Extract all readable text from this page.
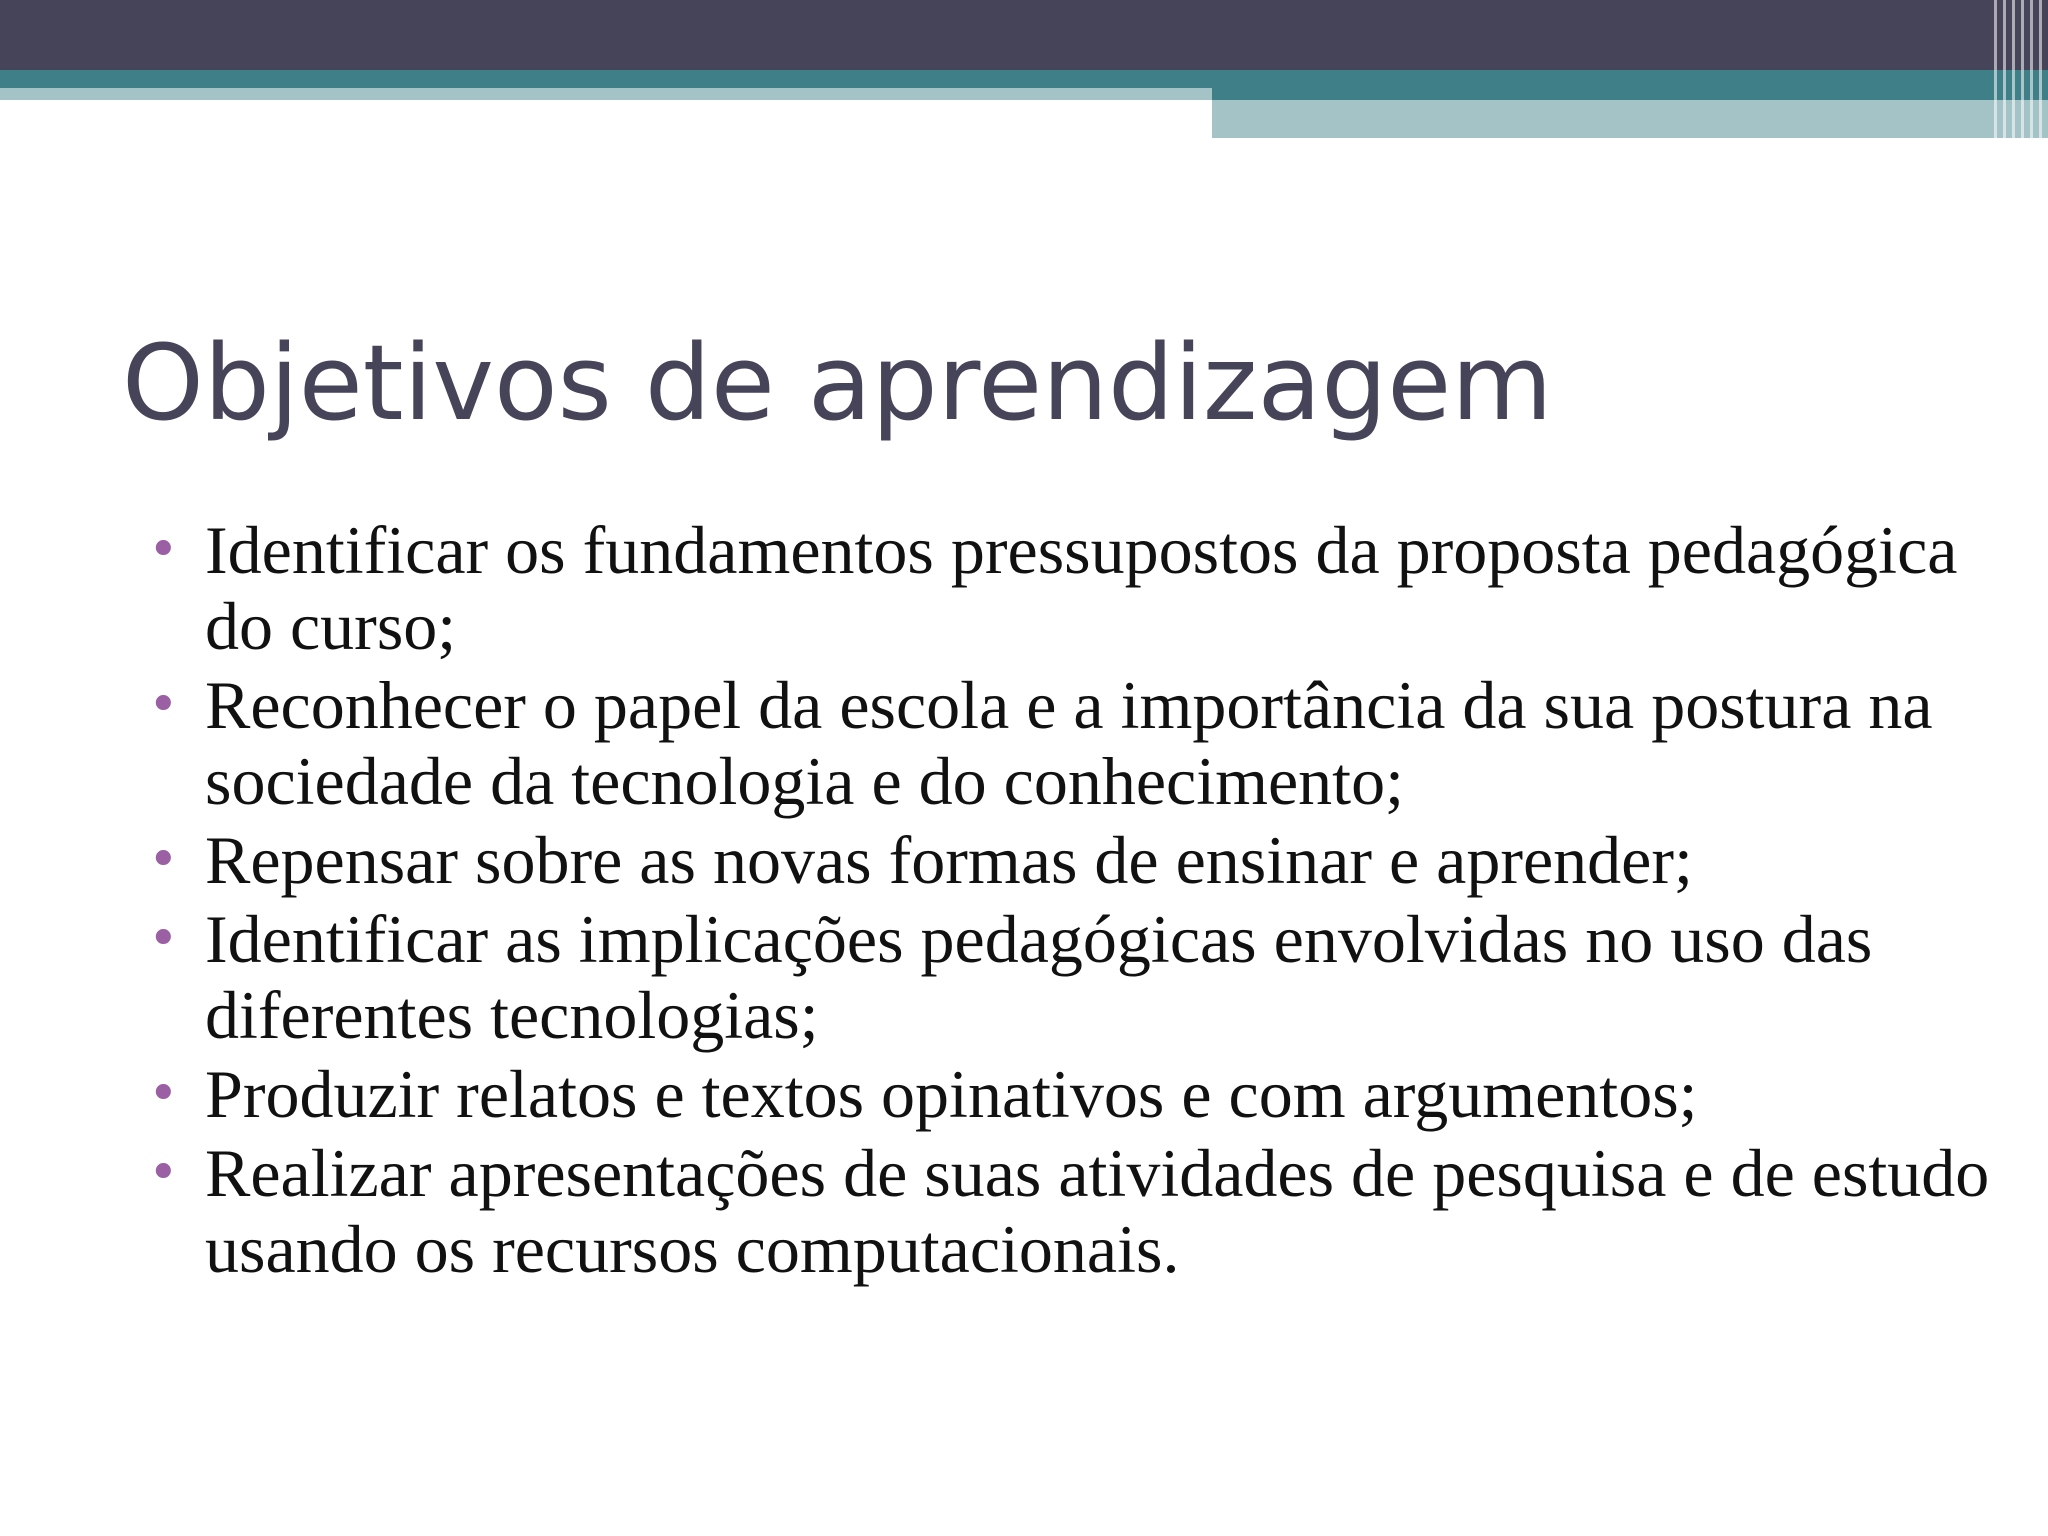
Objetivos de aprendizagem
• Identificar os fundamentos pressupostos da proposta pedagógica do curso;
• Reconhecer o papel da escola e a importância da sua postura na sociedade da tecnologia e do conhecimento;
• Repensar sobre as novas formas de ensinar e aprender;
• Identificar as implicações pedagógicas envolvidas no uso das diferentes tecnologias;
• Produzir relatos e textos opinativos e com argumentos;
• Realizar apresentações de suas atividades de pesquisa e de estudo usando os recursos computacionais.
